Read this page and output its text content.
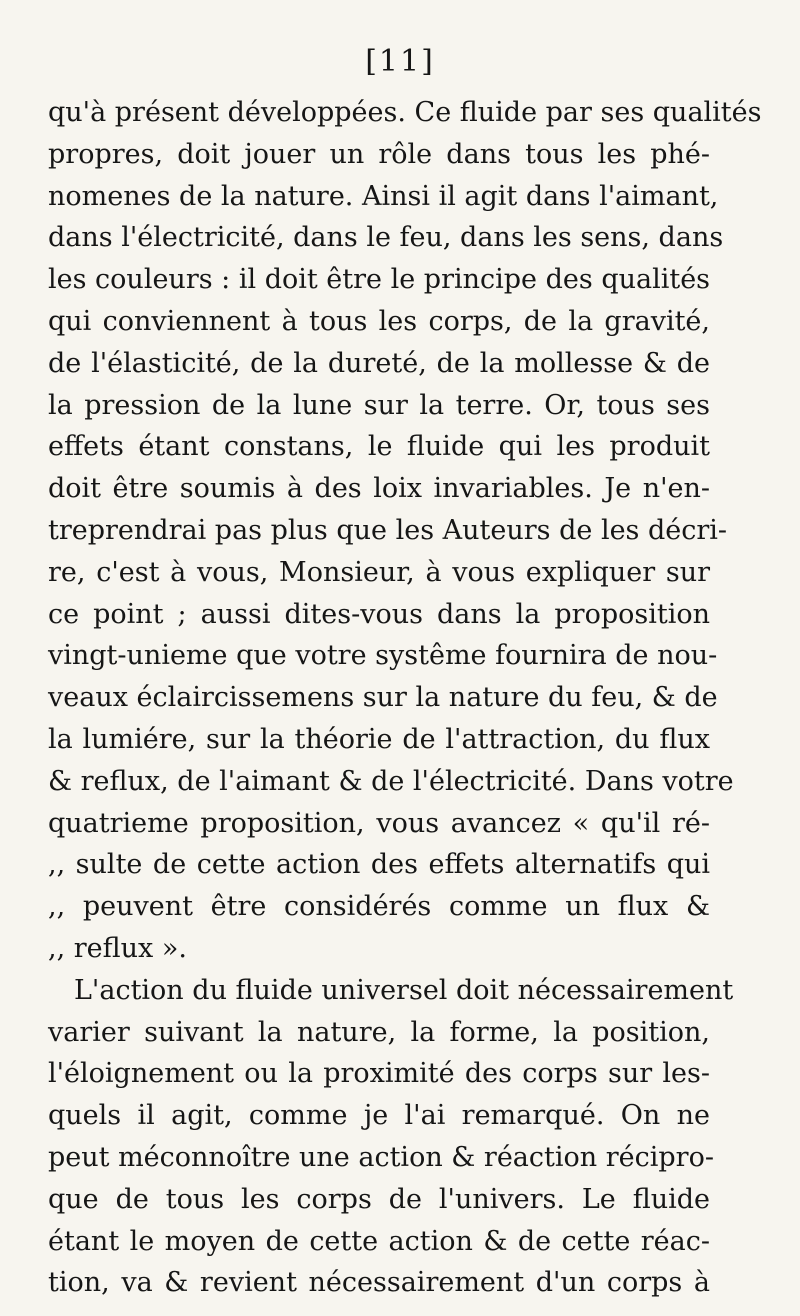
[11]
qu'à présent développées. Ce fluide par ses qualités
propres, doit jouer un rôle dans tous les phé-
nomenes de la nature. Ainsi il agit dans l'aimant,
dans l'électricité, dans le feu, dans les sens, dans
les couleurs : il doit être le principe des qualités
qui conviennent à tous les corps, de la gravité,
de l'élasticité, de la dureté, de la mollesse & de
la pression de la lune sur la terre. Or, tous ses
effets étant constans, le fluide qui les produit
doit être soumis à des loix invariables. Je n'en-
treprendrai pas plus que les Auteurs de les décri-
re, c'est à vous, Monsieur, à vous expliquer sur
ce point ; aussi dites-vous dans la proposition
vingt-unieme que votre systême fournira de nou-
veaux éclaircissemens sur la nature du feu, & de
la lumiére, sur la théorie de l'attraction, du flux
& reflux, de l'aimant & de l'électricité. Dans votre
quatrieme proposition, vous avancez « qu'il ré-
,, sulte de cette action des effets alternatifs qui
,, peuvent être considérés comme un flux &
,, reflux ».
L'action du fluide universel doit nécessairement
varier suivant la nature, la forme, la position,
l'éloignement ou la proximité des corps sur les-
quels il agit, comme je l'ai remarqué. On ne
peut méconnoître une action & réaction récipro-
que de tous les corps de l'univers. Le fluide
étant le moyen de cette action & de cette réac-
tion, va & revient nécessairement d'un corps à
